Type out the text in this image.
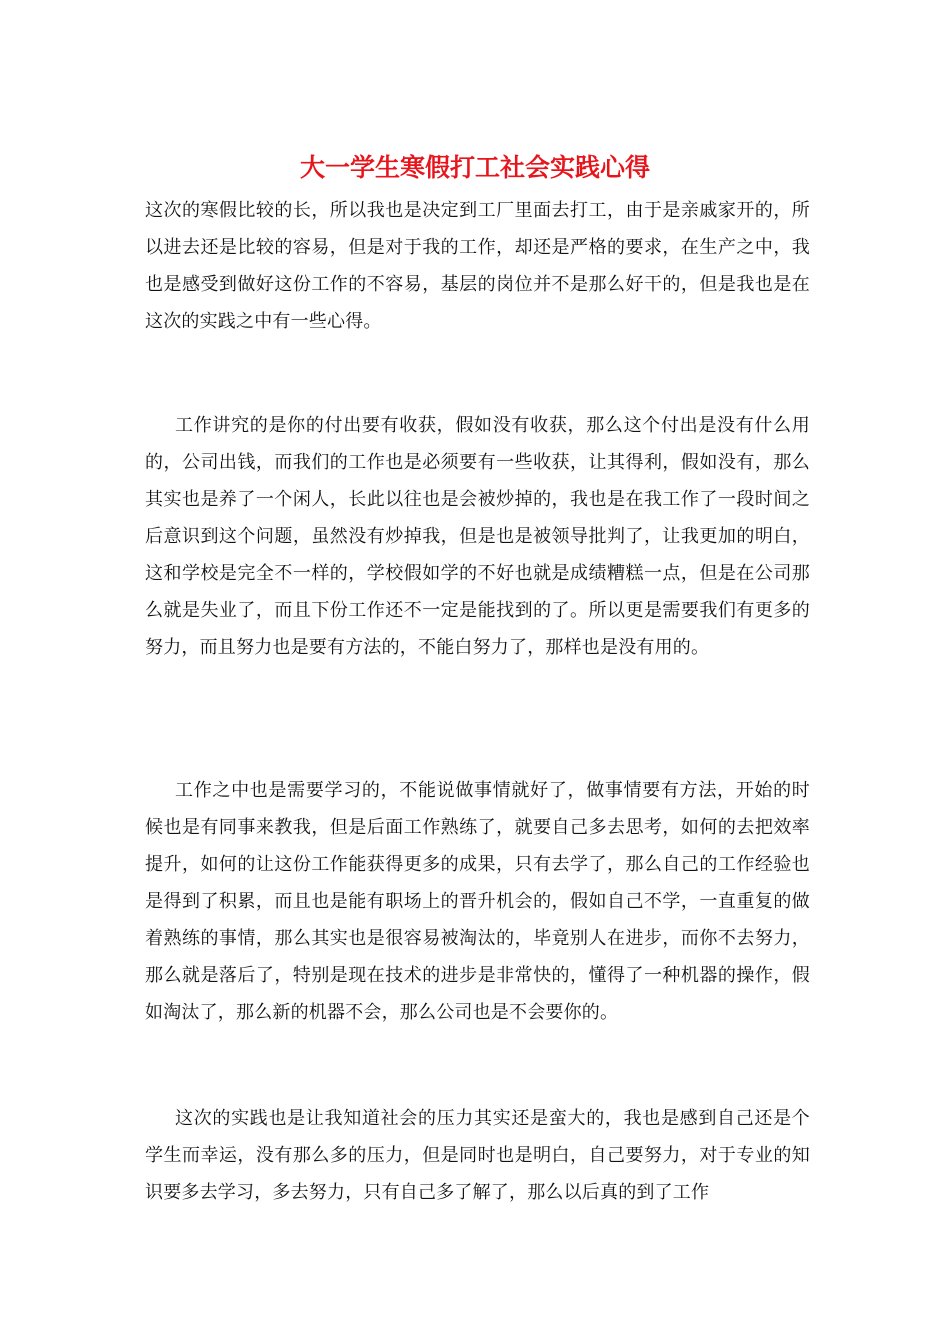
大一学生寒假打工社会实践心得

这次的寒假比较的长，所以我也是决定到工厂里面去打工，由于是亲戚家开的，所以进去还是比较的容易，但是对于我的工作，却还是严格的要求，在生产之中，我也是感受到做好这份工作的不容易，基层的岗位并不是那么好干的，但是我也是在这次的实践之中有一些心得。

工作讲究的是你的付出要有收获，假如没有收获，那么这个付出是没有什么用的，公司出钱，而我们的工作也是必须要有一些收获，让其得利，假如没有，那么其实也是养了一个闲人，长此以往也是会被炒掉的，我也是在我工作了一段时间之后意识到这个问题，虽然没有炒掉我，但是也是被领导批判了，让我更加的明白，这和学校是完全不一样的，学校假如学的不好也就是成绩糟糕一点，但是在公司那么就是失业了，而且下份工作还不一定是能找到的了。所以更是需要我们有更多的努力，而且努力也是要有方法的，不能白努力了，那样也是没有用的。

工作之中也是需要学习的，不能说做事情就好了，做事情要有方法，开始的时候也是有同事来教我，但是后面工作熟练了，就要自己多去思考，如何的去把效率提升，如何的让这份工作能获得更多的成果，只有去学了，那么自己的工作经验也是得到了积累，而且也是能有职场上的晋升机会的，假如自己不学，一直重复的做着熟练的事情，那么其实也是很容易被淘汰的，毕竟别人在进步，而你不去努力，那么就是落后了，特别是现在技术的进步是非常快的，懂得了一种机器的操作，假如淘汰了，那么新的机器不会，那么公司也是不会要你的。

这次的实践也是让我知道社会的压力其实还是蛮大的，我也是感到自己还是个学生而幸运，没有那么多的压力，但是同时也是明白，自己要努力，对于专业的知识要多去学习，多去努力，只有自己多了解了，那么以后真的到了工作
